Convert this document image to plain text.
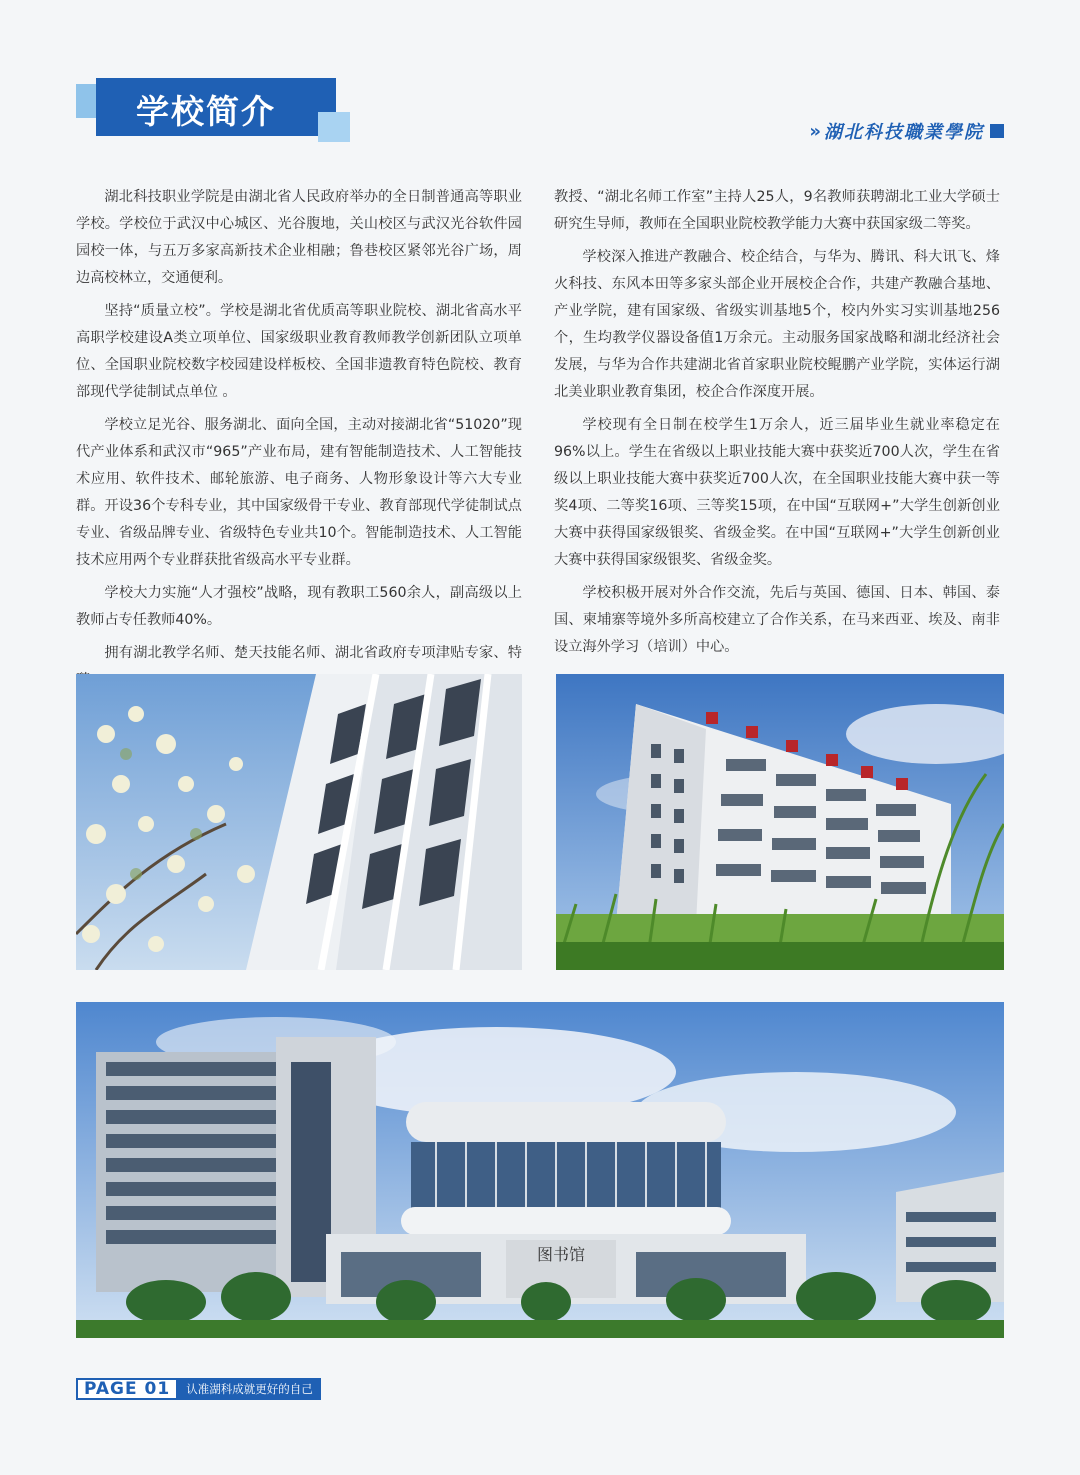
学校简介	» 湖北科技職業學院

湖北科技职业学院是由湖北省人民政府举办的全日制普通高等职业学校。学校位于武汉中心城区、光谷腹地，关山校区与武汉光谷软件园园校一体，与五万多家高新技术企业相融；鲁巷校区紧邻光谷广场，周边高校林立，交通便利。

坚持“质量立校”。学校是湖北省优质高等职业院校、湖北省高水平高职学校建设A类立项单位、国家级职业教育教师教学创新团队立项单位、全国职业院校数字校园建设样板校、全国非遗教育特色院校、教育部现代学徒制试点单位 。

学校立足光谷、服务湖北、面向全国，主动对接湖北省“51020”现代产业体系和武汉市“965”产业布局，建有智能制造技术、人工智能技术应用、软件技术、邮轮旅游、电子商务、人物形象设计等六大专业群。开设36个专科专业，其中国家级骨干专业、教育部现代学徒制试点专业、省级品牌专业、省级特色专业共10个。智能制造技术、人工智能技术应用两个专业群获批省级高水平专业群。

学校大力实施“人才强校”战略，现有教职工560余人，副高级以上教师占专任教师40%。

拥有湖北教学名师、楚天技能名师、湖北省政府专项津贴专家、特

教授、“湖北名师工作室”主持人25人，9名教师获聘湖北工业大学硕士研究生导师，教师在全国职业院校教学能力大赛中获国家级二等奖。

学校深入推进产教融合、校企结合，与华为、腾讯、科大讯飞、烽火科技、东风本田等多家头部企业开展校企合作，共建产教融合基地、产业学院，建有国家级、省级实训基地5个，校内外实习实训基地256个，生均教学仪器设备值1万余元。主动服务国家战略和湖北经济社会发展，与华为合作共建湖北省首家职业院校鲲鹏产业学院，实体运行湖北美业职业教育集团，校企合作深度开展。

学校现有全日制在校学生1万余人，近三届毕业生就业率稳定在96%以上。学生在省级以上职业技能大赛中获奖近700人次，学生在省级以上职业技能大赛中获奖近700人次，在全国职业技能大赛中获一等奖4项、二等奖16项、三等奖15项，在中国“互联网+”大学生创新创业大赛中获得国家级银奖、省级金奖。在中国“互联网+”大学生创新创业大赛中获得国家级银奖、省级金奖。

学校积极开展对外合作交流，先后与英国、德国、日本、韩国、泰国、柬埔寨等境外多所高校建立了合作关系，在马来西亚、埃及、南非设立海外学习（培训）中心。

图书馆
PAGE 01	认准湖科成就更好的自己
